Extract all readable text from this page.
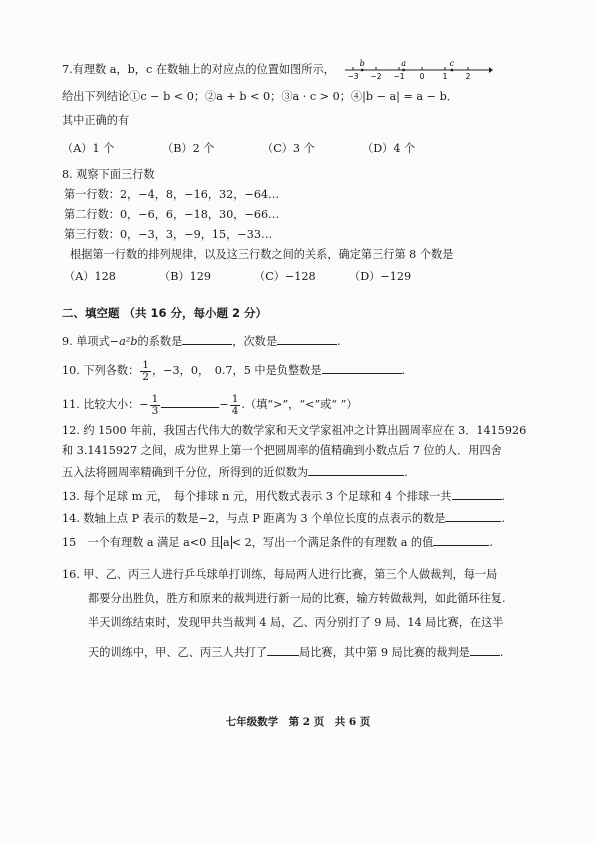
7.有理数 a，b，c 在数轴上的对应点的位置如图所示，
−3 −2 −1 0 1 2
b	a	c
给出下列结论①c − b < 0；②a + b < 0；③a · c > 0；④|b − a| = a − b．
其中正确的有
（A）1 个	（B）2 个	（C）3 个	（D）4 个
8. 观察下面三行数
第一行数：2，−4，8，−16，32，−64…
第二行数：0，−6，6，−18，30，−66…
第三行数：0，−3，3，−9，15，−33…
根据第一行数的排列规律，以及这三行数之间的关系，确定第三行第 8 个数是
（A）128	（B）129	（C）−128	（D）−129
二、填空题 （共 16 分，每小题 2 分）
9. 单项式−a²b的系数是	，次数是	.
10. 下列各数： $\frac{1}{2}$ ，−3，0，　0.7，5 中是负整数是	.
11. 比较大小：− $\frac{1}{3}$	− $\frac{1}{4}$ .（填“>”，“<”或“ ”）
12. 约 1500 年前，我国古代伟大的数学家和天文学家祖冲之计算出圆周率应在 3．1415926
和 3.1415927 之间，成为世界上第一个把圆周率的值精确到小数点后 7 位的人．用四舍
五入法将圆周率精确到千分位，所得到的近似数为	.
13. 每个足球 m 元，　每个排球 n 元，用代数式表示 3 个足球和 4 个排球一共	.
14. 数轴上点 P 表示的数是−2，与点 P 距离为 3 个单位长度的点表示的数是	.
15　一个有理数 a 满足 a<0 且 a < 2，写出一个满足条件的有理数 a 的值	.
16. 甲、乙、丙三人进行乒乓球单打训练，每局两人进行比赛，第三个人做裁判，每一局
都要分出胜负，胜方和原来的裁判进行新一局的比赛，输方转做裁判，如此循环往复.
半天训练结束时，发现甲共当裁判 4 局，乙、丙分别打了 9 局、14 局比赛，在这半
天的训练中，甲、乙、丙三人共打了	局比赛，其中第 9 局比赛的裁判是	.
七年级数学　第 2 页　共 6 页
